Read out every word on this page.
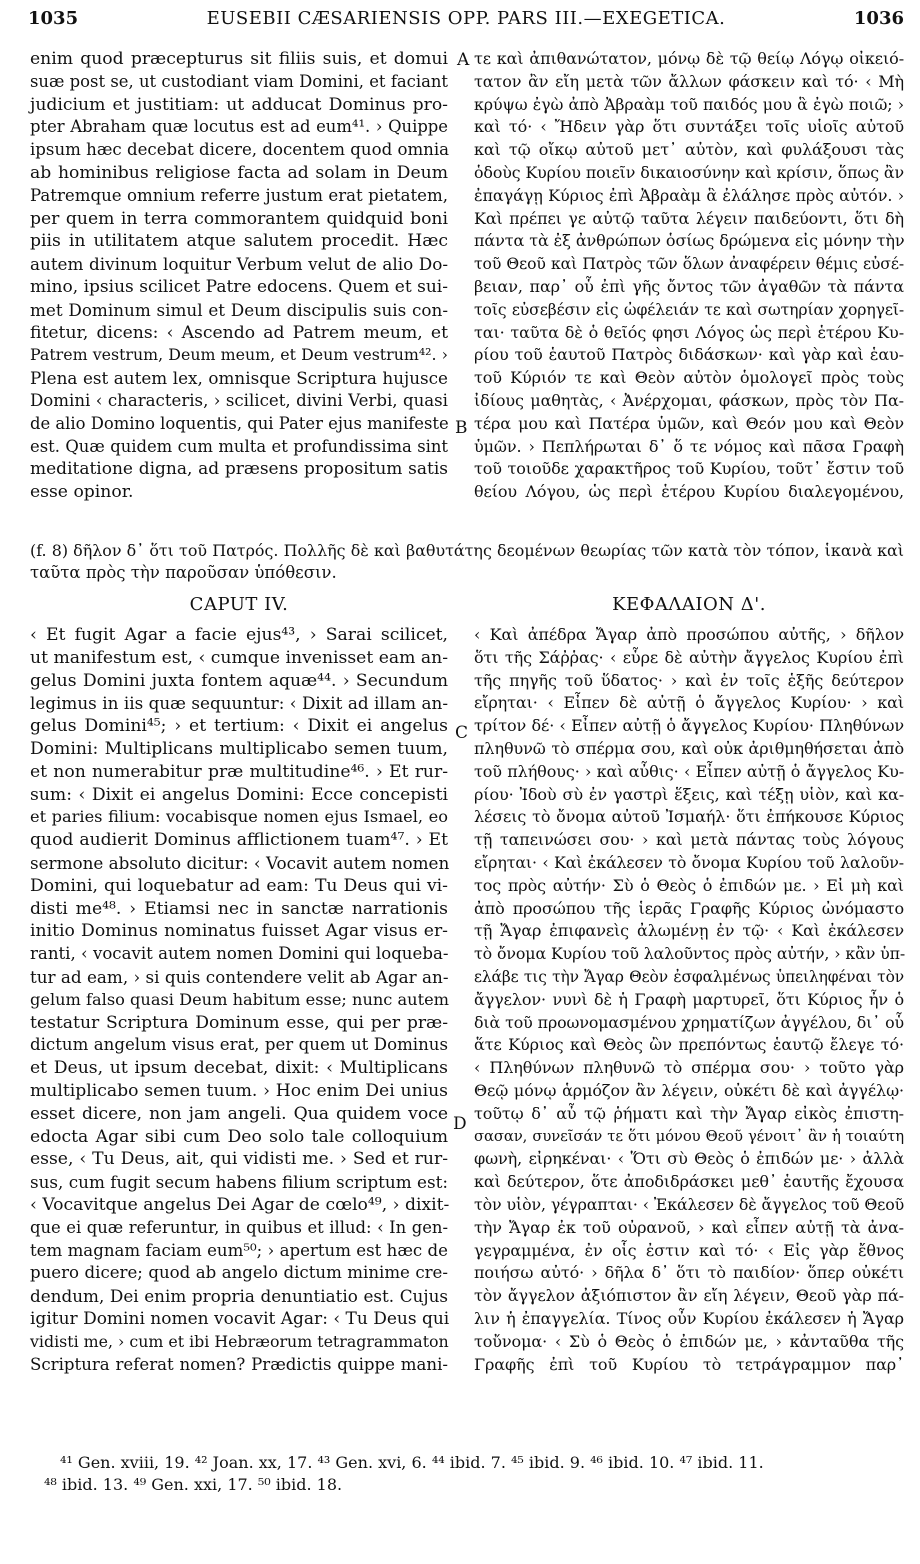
1035	EUSEBII CÆSARIENSIS OPP. PARS III.—EXEGETICA.	1036
A
B
C
D
enim quod præcepturus sit filiis suis, et domui
suæ post se, ut custodiant viam Domini, et faciant
judicium et justitiam: ut adducat Dominus pro-
pter Abraham quæ locutus est ad eum⁴¹. › Quippe
ipsum hæc decebat dicere, docentem quod omnia
ab hominibus religiose facta ad solam in Deum
Patremque omnium referre justum erat pietatem,
per quem in terra commorantem quidquid boni
piis in utilitatem atque salutem procedit. Hæc
autem divinum loquitur Verbum velut de alio Do-
mino, ipsius scilicet Patre edocens. Quem et sui-
met Dominum simul et Deum discipulis suis con-
fitetur, dicens: ‹ Ascendo ad Patrem meum, et
Patrem vestrum, Deum meum, et Deum vestrum⁴². ›
Plena est autem lex, omnisque Scriptura hujusce
Domini ‹ characteris, › scilicet, divini Verbi, quasi
de alio Domino loquentis, qui Pater ejus manifeste
est. Quæ quidem cum multa et profundissima sint
meditatione digna, ad præsens propositum satis
esse opinor.
τε καὶ ἀπιθανώτατον, μόνῳ δὲ τῷ θείῳ Λόγῳ οἰκειό-
τατον ἂν εἴη μετὰ τῶν ἄλλων φάσκειν καὶ τό· ‹ Μὴ
κρύψω ἐγὼ ἀπὸ Ἀβραὰμ τοῦ παιδός μου ἃ ἐγὼ ποιῶ; ›
καὶ τό· ‹ Ἤδειν γὰρ ὅτι συντάξει τοῖς υἱοῖς αὐτοῦ
καὶ τῷ οἴκῳ αὐτοῦ μετ᾽ αὐτὸν, καὶ φυλάξουσι τὰς
ὁδοὺς Κυρίου ποιεῖν δικαιοσύνην καὶ κρίσιν, ὅπως ἂν
ἐπαγάγῃ Κύριος ἐπὶ Ἀβραὰμ ἃ ἐλάλησε πρὸς αὐτόν. ›
Καὶ πρέπει γε αὐτῷ ταῦτα λέγειν παιδεύοντι, ὅτι δὴ
πάντα τὰ ἐξ ἀνθρώπων ὁσίως δρώμενα εἰς μόνην τὴν
τοῦ Θεοῦ καὶ Πατρὸς τῶν ὅλων ἀναφέρειν θέμις εὐσέ-
βειαν, παρ᾽ οὗ ἐπὶ γῆς ὄντος τῶν ἀγαθῶν τὰ πάντα
τοῖς εὐσεβέσιν εἰς ὠφέλειάν τε καὶ σωτηρίαν χορηγεῖ-
ται· ταῦτα δὲ ὁ θεῖός φησι Λόγος ὡς περὶ ἑτέρου Κυ-
ρίου τοῦ ἑαυτοῦ Πατρὸς διδάσκων· καὶ γὰρ καὶ ἑαυ-
τοῦ Κύριόν τε καὶ Θεὸν αὐτὸν ὁμολογεῖ πρὸς τοὺς
ἰδίους μαθητὰς, ‹ Ἀνέρχομαι, φάσκων, πρὸς τὸν Πα-
τέρα μου καὶ Πατέρα ὑμῶν, καὶ Θεόν μου καὶ Θεὸν
ὑμῶν. › Πεπλήρωται δ᾽ ὅ τε νόμος καὶ πᾶσα Γραφὴ
τοῦ τοιοῦδε χαρακτῆρος τοῦ Κυρίου, τοῦτ᾽ ἔστιν τοῦ
θείου Λόγου, ὡς περὶ ἑτέρου Κυρίου διαλεγομένου,
(f. 8) δῆλον δ᾽ ὅτι τοῦ Πατρός. Πολλῆς δὲ καὶ βαθυτάτης δεομένων θεωρίας τῶν κατὰ τὸν τόπον, ἱκανὰ καὶ
ταῦτα πρὸς τὴν παροῦσαν ὑπόθεσιν.
CAPUT IV.	ΚΕΦΑΛΑΙΟΝ Δ'.
‹ Et fugit Agar a facie ejus⁴³, › Sarai scilicet,
ut manifestum est, ‹ cumque invenisset eam an-
gelus Domini juxta fontem aquæ⁴⁴. › Secundum
legimus in iis quæ sequuntur: ‹ Dixit ad illam an-
gelus Domini⁴⁵; › et tertium: ‹ Dixit ei angelus
Domini: Multiplicans multiplicabo semen tuum,
et non numerabitur præ multitudine⁴⁶. › Et rur-
sum: ‹ Dixit ei angelus Domini: Ecce concepisti
et paries filium: vocabisque nomen ejus Ismael, eo
quod audierit Dominus afflictionem tuam⁴⁷. › Et
sermone absoluto dicitur: ‹ Vocavit autem nomen
Domini, qui loquebatur ad eam: Tu Deus qui vi-
disti me⁴⁸. › Etiamsi nec in sanctæ narrationis
initio Dominus nominatus fuisset Agar visus er-
ranti, ‹ vocavit autem nomen Domini qui loqueba-
tur ad eam, › si quis contendere velit ab Agar an-
gelum falso quasi Deum habitum esse; nunc autem
testatur Scriptura Dominum esse, qui per præ-
dictum angelum visus erat, per quem ut Dominus
et Deus, ut ipsum decebat, dixit: ‹ Multiplicans
multiplicabo semen tuum. › Hoc enim Dei unius
esset dicere, non jam angeli. Qua quidem voce
edocta Agar sibi cum Deo solo tale colloquium
esse, ‹ Tu Deus, ait, qui vidisti me. › Sed et rur-
sus, cum fugit secum habens filium scriptum est:
‹ Vocavitque angelus Dei Agar de cœlo⁴⁹, › dixit-
que ei quæ referuntur, in quibus et illud: ‹ In gen-
tem magnam faciam eum⁵⁰; › apertum est hæc de
puero dicere; quod ab angelo dictum minime cre-
dendum, Dei enim propria denuntiatio est. Cujus
igitur Domini nomen vocavit Agar: ‹ Tu Deus qui
vidisti me, › cum et ibi Hebræorum tetragrammaton
Scriptura referat nomen? Prædictis quippe mani-
‹ Καὶ ἀπέδρα Ἄγαρ ἀπὸ προσώπου αὐτῆς, › δῆλον
ὅτι τῆς Σάῤῥας· ‹ εὗρε δὲ αὐτὴν ἄγγελος Κυρίου ἐπὶ
τῆς πηγῆς τοῦ ὕδατος· › καὶ ἐν τοῖς ἑξῆς δεύτερον
εἴρηται· ‹ Εἶπεν δὲ αὐτῇ ὁ ἄγγελος Κυρίου· › καὶ
τρίτον δέ· ‹ Εἶπεν αὐτῇ ὁ ἄγγελος Κυρίου· Πληθύνων
πληθυνῶ τὸ σπέρμα σου, καὶ οὐκ ἀριθμηθήσεται ἀπὸ
τοῦ πλήθους· › καὶ αὖθις· ‹ Εἶπεν αὐτῇ ὁ ἄγγελος Κυ-
ρίου· Ἰδοὺ σὺ ἐν γαστρὶ ἕξεις, καὶ τέξῃ υἱὸν, καὶ κα-
λέσεις τὸ ὄνομα αὐτοῦ Ἰσμαήλ· ὅτι ἐπήκουσε Κύριος
τῇ ταπεινώσει σου· › καὶ μετὰ πάντας τοὺς λόγους
εἴρηται· ‹ Καὶ ἐκάλεσεν τὸ ὄνομα Κυρίου τοῦ λαλοῦν-
τος πρὸς αὐτήν· Σὺ ὁ Θεὸς ὁ ἐπιδών με. › Εἰ μὴ καὶ
ἀπὸ προσώπου τῆς ἱερᾶς Γραφῆς Κύριος ὠνόμαστο
τῇ Ἄγαρ ἐπιφανεὶς ἀλωμένῃ ἐν τῷ· ‹ Καὶ ἐκάλεσεν
τὸ ὄνομα Κυρίου τοῦ λαλοῦντος πρὸς αὐτήν, › κἂν ὑπ-
ελάβε τις τὴν Ἄγαρ Θεὸν ἐσφαλμένως ὑπειληφέναι τὸν
ἄγγελον· νυνὶ δὲ ἡ Γραφὴ μαρτυρεῖ, ὅτι Κύριος ἦν ὁ
διὰ τοῦ προωνομασμένου χρηματίζων ἀγγέλου, δι᾽ οὗ
ἅτε Κύριος καὶ Θεὸς ὢν πρεπόντως ἑαυτῷ ἔλεγε τό·
‹ Πληθύνων πληθυνῶ τὸ σπέρμα σου· › τοῦτο γὰρ
Θεῷ μόνῳ ἁρμόζον ἂν λέγειν, οὐκέτι δὲ καὶ ἀγγέλῳ·
τοῦτῳ δ᾽ αὖ τῷ ῥήματι καὶ τὴν Ἄγαρ εἰκὸς ἐπιστη-
σασαν, συνεῖσάν τε ὅτι μόνου Θεοῦ γένοιτ᾽ ἂν ἡ τοιαύτη
φωνὴ, εἰρηκέναι· ‹ Ὅτι σὺ Θεὸς ὁ ἐπιδών με· › ἀλλὰ
καὶ δεύτερον, ὅτε ἀποδιδράσκει μεθ᾽ ἑαυτῆς ἔχουσα
τὸν υἱὸν, γέγραπται· ‹ Ἐκάλεσεν δὲ ἄγγελος τοῦ Θεοῦ
τὴν Ἄγαρ ἐκ τοῦ οὐρανοῦ, › καὶ εἶπεν αὐτῇ τὰ ἀνα-
γεγραμμένα, ἐν οἷς ἐστιν καὶ τό· ‹ Εἰς γὰρ ἔθνος
ποιήσω αὐτό· › δῆλα δ᾽ ὅτι τὸ παιδίον· ὅπερ οὐκέτι
τὸν ἄγγελον ἀξιόπιστον ἂν εἴη λέγειν, Θεοῦ γὰρ πά-
λιν ἡ ἐπαγγελία. Τίνος οὖν Κυρίου ἐκάλεσεν ἡ Ἄγαρ
τοὔνομα· ‹ Σὺ ὁ Θεὸς ὁ ἐπιδών με, › κἀνταῦθα τῆς
Γραφῆς ἐπὶ τοῦ Κυρίου τὸ τετράγραμμον παρ᾽
⁴¹ Gen. xviii, 19. ⁴² Joan. xx, 17. ⁴³ Gen. xvi, 6. ⁴⁴ ibid. 7. ⁴⁵ ibid. 9. ⁴⁶ ibid. 10. ⁴⁷ ibid. 11.
⁴⁸ ibid. 13. ⁴⁹ Gen. xxi, 17. ⁵⁰ ibid. 18.
